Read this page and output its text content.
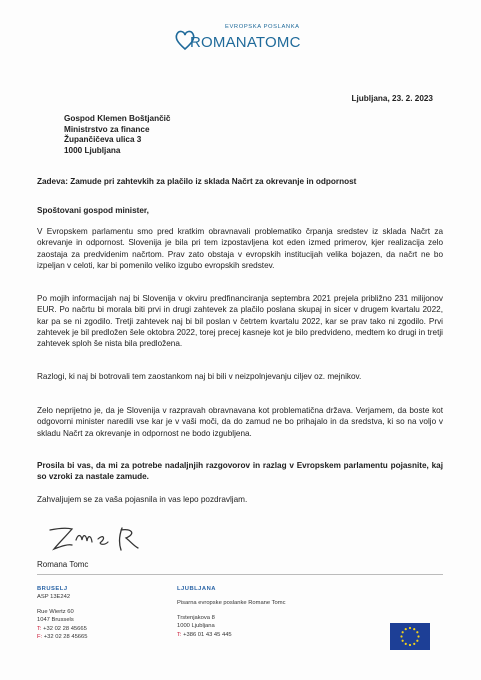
EVROPSKA POSLANKA
ROMANATOMC
Ljubljana, 23. 2. 2023
Gospod Klemen Boštjančič
Ministrstvo za finance
Župančičeva ulica 3
1000 Ljubljana
Zadeva: Zamude pri zahtevkih za plačilo iz sklada Načrt za okrevanje in odpornost
Spoštovani gospod minister,
V Evropskem parlamentu smo pred kratkim obravnavali problematiko črpanja sredstev iz sklada Načrt za okrevanje in odpornost. Slovenija je bila pri tem izpostavljena kot eden izmed primerov, kjer realizacija zelo zaostaja za predvidenim načrtom. Prav zato obstaja v evropskih institucijah velika bojazen, da načrt ne bo izpeljan v celoti, kar bi pomenilo veliko izgubo evropskih sredstev.
Po mojih informacijah naj bi Slovenija v okviru predfinanciranja septembra 2021 prejela približno 231 milijonov EUR. Po načrtu bi morala biti prvi in drugi zahtevek za plačilo poslana skupaj in sicer v drugem kvartalu 2022, kar pa se ni zgodilo. Tretji zahtevek naj bi bil poslan v četrtem kvartalu 2022, kar se prav tako ni zgodilo. Prvi zahtevek je bil predložen šele oktobra 2022, torej precej kasneje kot je bilo predvideno, medtem ko drugi in tretji zahtevek sploh še nista bila predložena.
Razlogi, ki naj bi botrovali tem zaostankom naj bi bili v neizpolnjevanju ciljev oz. mejnikov.
Zelo neprijetno je, da je Slovenija v razpravah obravnavana kot problematična država. Verjamem, da boste kot odgovorni minister naredili vse kar je v vaši moči, da do zamud ne bo prihajalo in da sredstva, ki so na voljo v skladu Načrt za okrevanje in odpornost ne bodo izgubljena.
Prosila bi vas, da mi za potrebe nadaljnjih razgovorov in razlag v Evropskem parlamentu pojasnite, kaj so vzroki za nastale zamude.
Zahvaljujem se za vaša pojasnila in vas lepo pozdravljam.
Romana Tomc
BRUSELJ
ASP 13E242
Rue Wiertz 60
1047 Brussels
T: +32 02 28 45665
F: +32 02 28 45665
LJUBLJANA
Pisarna evropske poslanke Romane Tomc
Trstenjakova 8
1000 Ljubljana
T: +386 01 43 45 445
